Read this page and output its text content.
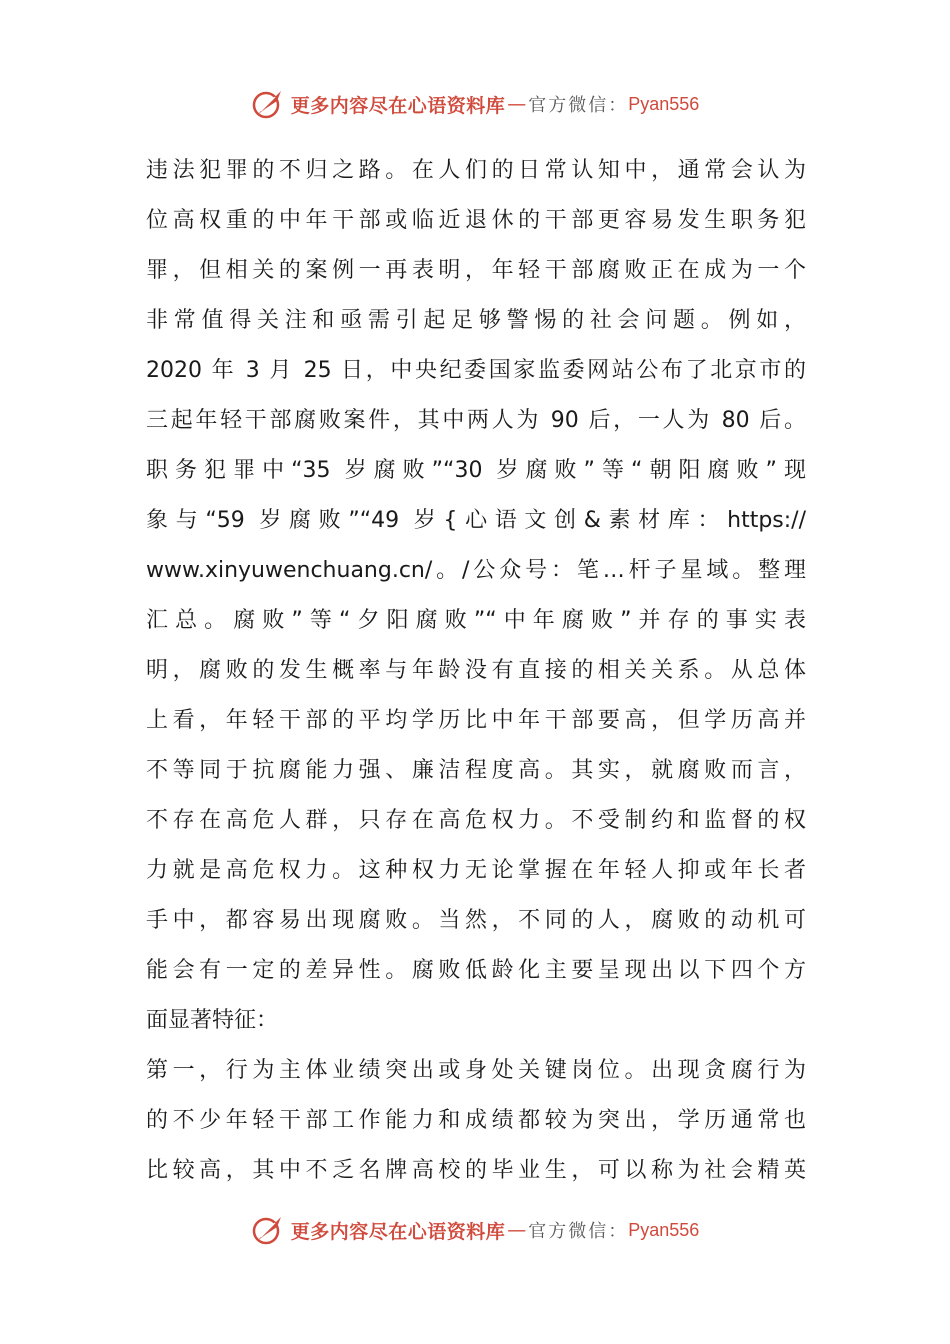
更多内容尽在心语资料库 — 官方微信： Pyan556
违法犯罪的不归之路。在人们的日常认知中，通常会认为
位高权重的中年干部或临近退休的干部更容易发生职务犯
罪，但相关的案例一再表明，年轻干部腐败正在成为一个
非常值得关注和亟需引起足够警惕的社会问题。例如，
2020 年 3 月 25 日，中央纪委国家监委网站公布了北京市的
三起年轻干部腐败案件，其中两人为 90 后，一人为 80 后。
职务犯罪中“35 岁腐败”“30 岁腐败”等“朝阳腐败”现
象与“59 岁腐败”“49 岁{心语文创&素材库：https://
www.xinyuwenchuang.cn/。/公众号：笔…杆子星域。整理
汇总。腐败”等“夕阳腐败”“中年腐败”并存的事实表
明，腐败的发生概率与年龄没有直接的相关关系。从总体
上看，年轻干部的平均学历比中年干部要高，但学历高并
不等同于抗腐能力强、廉洁程度高。其实，就腐败而言，
不存在高危人群，只存在高危权力。不受制约和监督的权
力就是高危权力。这种权力无论掌握在年轻人抑或年长者
手中，都容易出现腐败。当然，不同的人，腐败的动机可
能会有一定的差异性。腐败低龄化主要呈现出以下四个方
面显著特征：
第一，行为主体业绩突出或身处关键岗位。出现贪腐行为
的不少年轻干部工作能力和成绩都较为突出，学历通常也
比较高，其中不乏名牌高校的毕业生，可以称为社会精英
更多内容尽在心语资料库 — 官方微信： Pyan556
